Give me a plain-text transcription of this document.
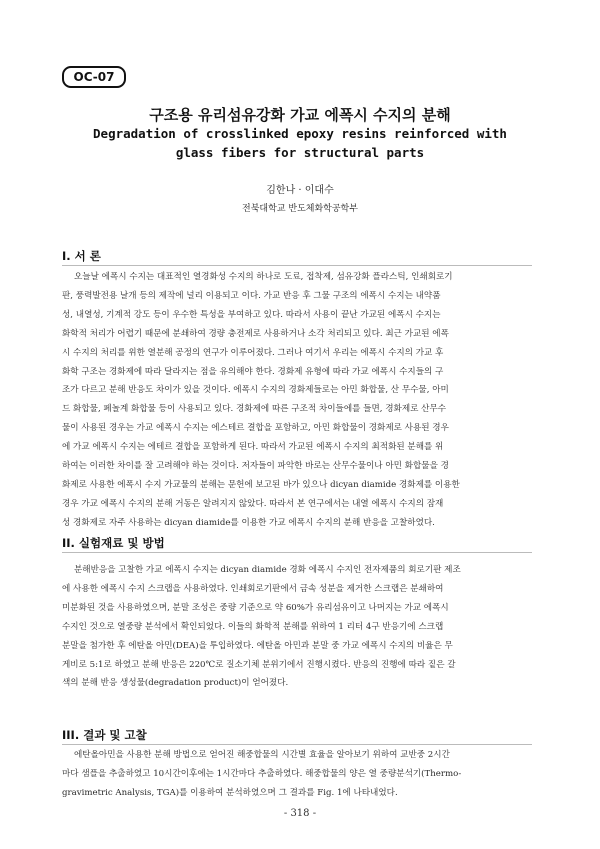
OC-07
구조용 유리섬유강화 가교 에폭시 수지의 분해
Degradation of crosslinked epoxy resins reinforced with
glass fibers for structural parts
김한나 · 이대수
전북대학교 반도체화학공학부
I. 서 론

오늘날 에폭시 수지는 대표적인 열경화성 수지의 하나로 도료, 접착제, 섬유강화 플라스틱, 인쇄회로기

판, 풍력발전용 날개 등의 제작에 널리 이용되고 이다. 가교 반응 후 그물 구조의 에폭시 수지는 내약품

성, 내열성, 기계적 강도 등이 우수한 특성을 부여하고 있다. 따라서 사용이 끝난 가교된 에폭시 수지는

화학적 처리가 어렵기 때문에 분쇄하여 경량 충전제로 사용하거나 소각 처리되고 있다. 최근 가교된 에폭

시 수지의 처리를 위한 열분해 공정의 연구가 이루어졌다. 그러나 여기서 우리는 에폭시 수지의 가교 후

화학 구조는 경화제에 따라 달라지는 점을 유의해야 한다. 경화제 유형에 따라 가교 에폭시 수지들의 구

조가 다르고 분해 반응도 차이가 있을 것이다. 에폭시 수지의 경화제들로는 아민 화합물, 산 무수물, 아미

드 화합물, 페놀계 화합물 등이 사용되고 있다. 경화제에 따른 구조적 차이들에를 들면, 경화제로 산무수

물이 사용된 경우는 가교 에폭시 수지는 에스테르 결합을 포함하고, 아민 화합물이 경화제로 사용된 경우

에 가교 에폭시 수지는 에테르 결합을 포함하게 된다. 따라서 가교된 에폭시 수지의 최적화된 분해를 위

하여는 이러한 차이를 잘 고려해야 하는 것이다. 저자들이 파악한 바로는 산무수물이나 아민 화합물을 경

화제로 사용한 에폭시 수지 가교물의 분해는 문헌에 보고된 바가 있으나 dicyan diamide 경화제를 이용한

경우 가교 에폭시 수지의 분해 거동은 알려지지 않았다. 따라서 본 연구에서는 내열 에폭시 수지의 잠재

성 경화제로 자주 사용하는 dicyan diamide를 이용한 가교 에폭시 수지의 분해 반응을 고찰하였다.

II. 실험재료 및 방법

분해반응을 고찰한 가교 에폭시 수지는 dicyan diamide 경화 에폭시 수지인 전자제품의 회로기판 제조

에 사용한 에폭시 수지 스크랩을 사용하였다. 인쇄회로기판에서 금속 성분을 제거한 스크랩은 분쇄하여

미분화된 것을 사용하였으며, 분말 조성은 중량 기준으로 약 60%가 유리섬유이고 나머지는 가교 에폭시

수지인 것으로 열중량 분석에서 확인되었다. 이들의 화학적 분해를 위하여 1 리터 4구 반응기에 스크랩

분말을 첨가한 후 에탄올 아민(DEA)을 투입하였다. 에탄올 아민과 분말 중 가교 에폭시 수지의 비율은 무

게비로 5:1로 하였고 분해 반응은 220℃로 질소기체 분위기에서 진행시켰다. 반응의 진행에 따라 짙은 갈

색의 분해 반응 생성물(degradation product)이 얻어졌다.

III. 결과 및 고찰

에탄올아민을 사용한 분해 방법으로 얻어진 해중합물의 시간별 효율을 알아보기 위하여 교반중 2시간

마다 샘플을 추출하였고 10시간이후에는 1시간마다 추출하였다. 해중합물의 양은 열 중량분석기(Thermo-

gravimetric Analysis, TGA)를 이용하여 분석하였으며 그 결과를 Fig. 1에 나타내었다.

- 318 -
